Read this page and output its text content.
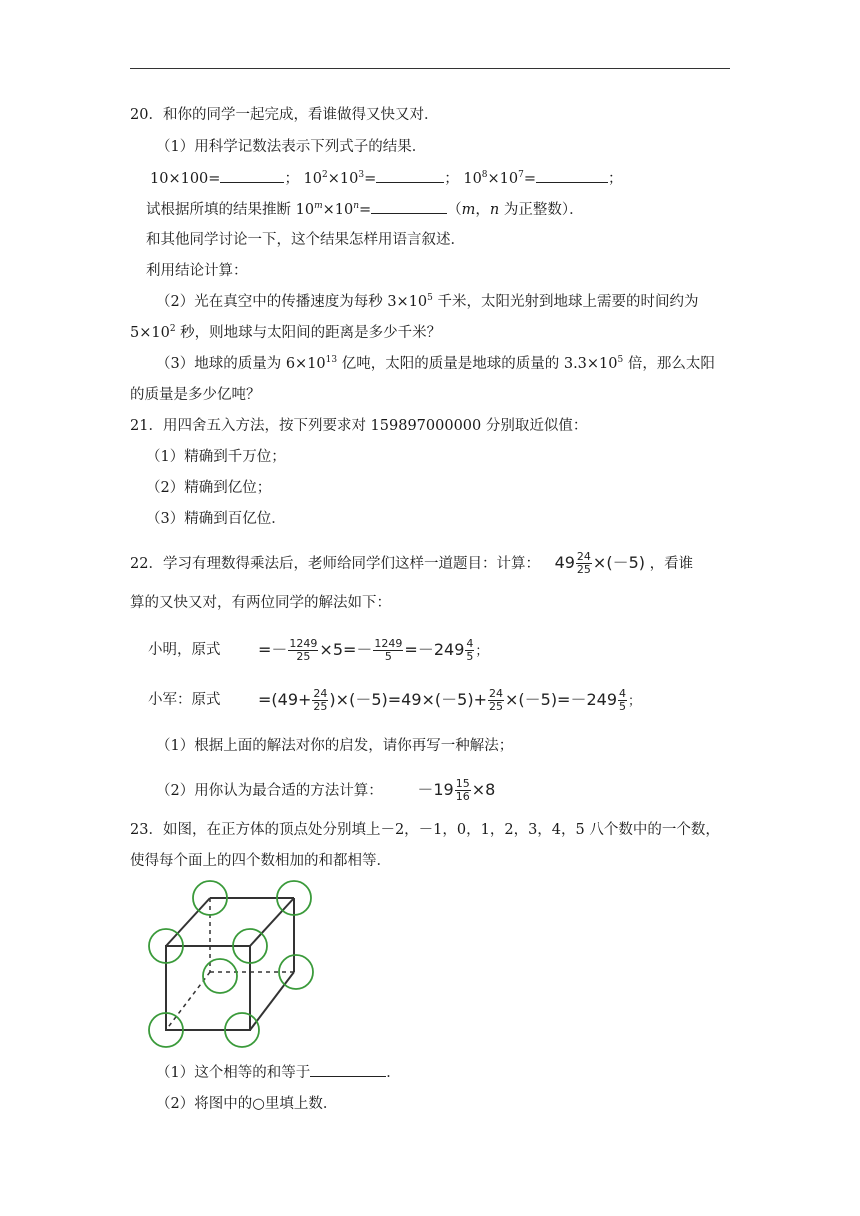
20．和你的同学一起完成，看谁做得又快又对．
（1）用科学记数法表示下列式子的结果．
10×100=	； $10^2\times 10^3=$	； $10^8\times 10^7=$	；
试根据所填的结果推断 $10^m\times 10^n=$	（m，n 为正整数）．
和其他同学讨论一下，这个结果怎样用语言叙述．
利用结论计算：
（2）光在真空中的传播速度为每秒 $3\times 10^5$ 千米，太阳光射到地球上需要的时间约为
$5\times 10^2$ 秒，则地球与太阳间的距离是多少千米？
（3）地球的质量为 $6\times 10^{13}$ 亿吨，太阳的质量是地球的质量的 $3.3\times 10^5$ 倍，那么太阳
的质量是多少亿吨？
21．用四舍五入方法，按下列要求对 159897000000 分别取近似值：
（1）精确到千万位；
（2）精确到亿位；
（3）精确到百亿位．
22．学习有理数得乘法后，老师给同学们这样一道题目：计算： $49 \frac{24}{25} \times(-5)$ ，看谁
算的又快又对，有两位同学的解法如下：
小明，原式 =－ $\frac{1249}{25} \times 5=- \frac{1249}{5} =-249 \frac{4}{5}$ ；
小军：原式 $=(49+ \frac{24}{25} )\times(-5)=49\times(-5)+ \frac{24}{25} \times(-5)=-249 \frac{4}{5}$ ；
（1）根据上面的解法对你的启发，请你再写一种解法；
（2）用你认为最合适的方法计算： $-19 \frac{15}{16} \times 8$
23．如图，在正方体的顶点处分别填上－2，－1，0，1，2，3，4，5 八个数中的一个数，
使得每个面上的四个数相加的和都相等．
（1）这个相等的和等于	．
（2）将图中的○里填上数．
